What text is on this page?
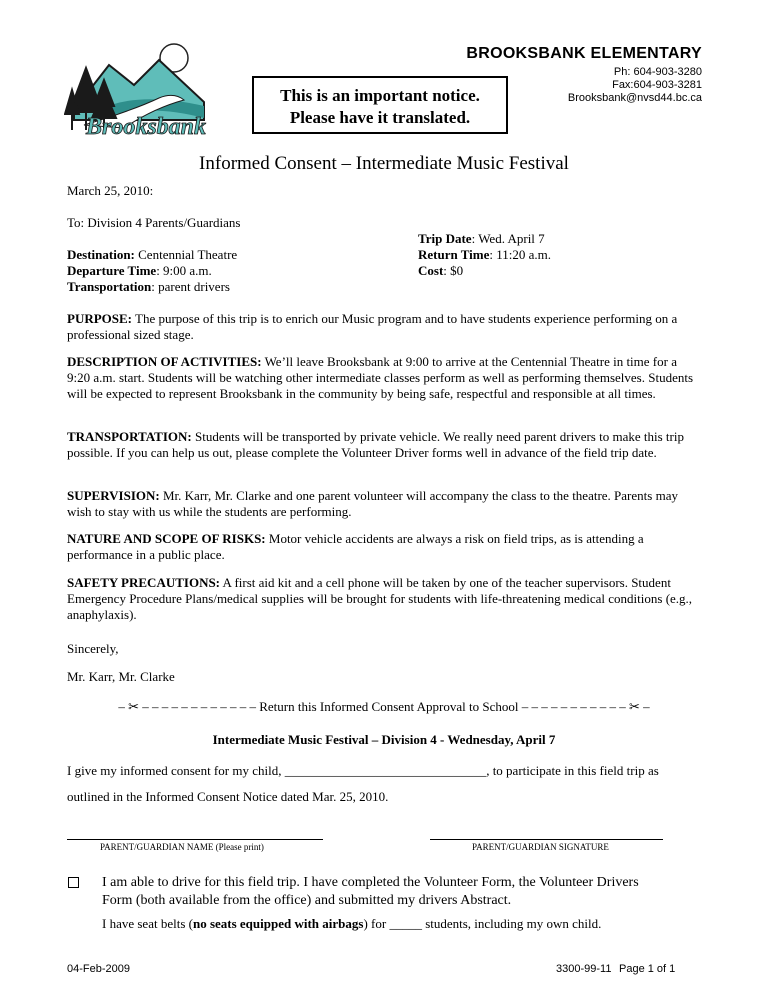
Brooksbank
This is an important notice.
Please have it translated.
BROOKSBANK ELEMENTARY
Ph: 604-903-3280
Fax:604-903-3281
Brooksbank@nvsd44.bc.ca
Informed Consent – Intermediate Music Festival
March 25, 2010:
To: Division 4 Parents/Guardians
Destination: Centennial Theatre
Departure Time: 9:00 a.m.
Transportation: parent drivers
Trip Date: Wed. April 7
Return Time: 11:20 a.m.
Cost: $0
PURPOSE: The purpose of this trip is to enrich our Music program and to have students experience performing on a professional sized stage.
DESCRIPTION OF ACTIVITIES: We’ll leave Brooksbank at 9:00 to arrive at the Centennial Theatre in time for a 9:20 a.m. start. Students will be watching other intermediate classes perform as well as performing themselves. Students will be expected to represent Brooksbank in the community by being safe, respectful and responsible at all times.
TRANSPORTATION: Students will be transported by private vehicle. We really need parent drivers to make this trip possible. If you can help us out, please complete the Volunteer Driver forms well in advance of the field trip date.
SUPERVISION: Mr. Karr, Mr. Clarke and one parent volunteer will accompany the class to the theatre. Parents may wish to stay with us while the students are performing.
NATURE AND SCOPE OF RISKS: Motor vehicle accidents are always a risk on field trips, as is attending a performance in a public place.
SAFETY PRECAUTIONS: A first aid kit and a cell phone will be taken by one of the teacher supervisors. Student Emergency Procedure Plans/medical supplies will be brought for students with life-threatening medical conditions (e.g., anaphylaxis).
Sincerely,
Mr. Karr, Mr. Clarke
– ✂ – – – – – – – – – – – – Return this Informed Consent Approval to School – – – – – – – – – – – ✂ –
Intermediate Music Festival – Division 4 - Wednesday, April 7
I give my informed consent for my child, _______________________________, to participate in this field trip as
outlined in the Informed Consent Notice dated Mar. 25, 2010.
PARENT/GUARDIAN NAME (Please print)	PARENT/GUARDIAN SIGNATURE
I am able to drive for this field trip. I have completed the Volunteer Form, the Volunteer Drivers
Form (both available from the office) and submitted my drivers Abstract.
I have seat belts (no seats equipped with airbags) for _____ students, including my own child.
04-Feb-2009	3300-99-11 Page 1 of 1
